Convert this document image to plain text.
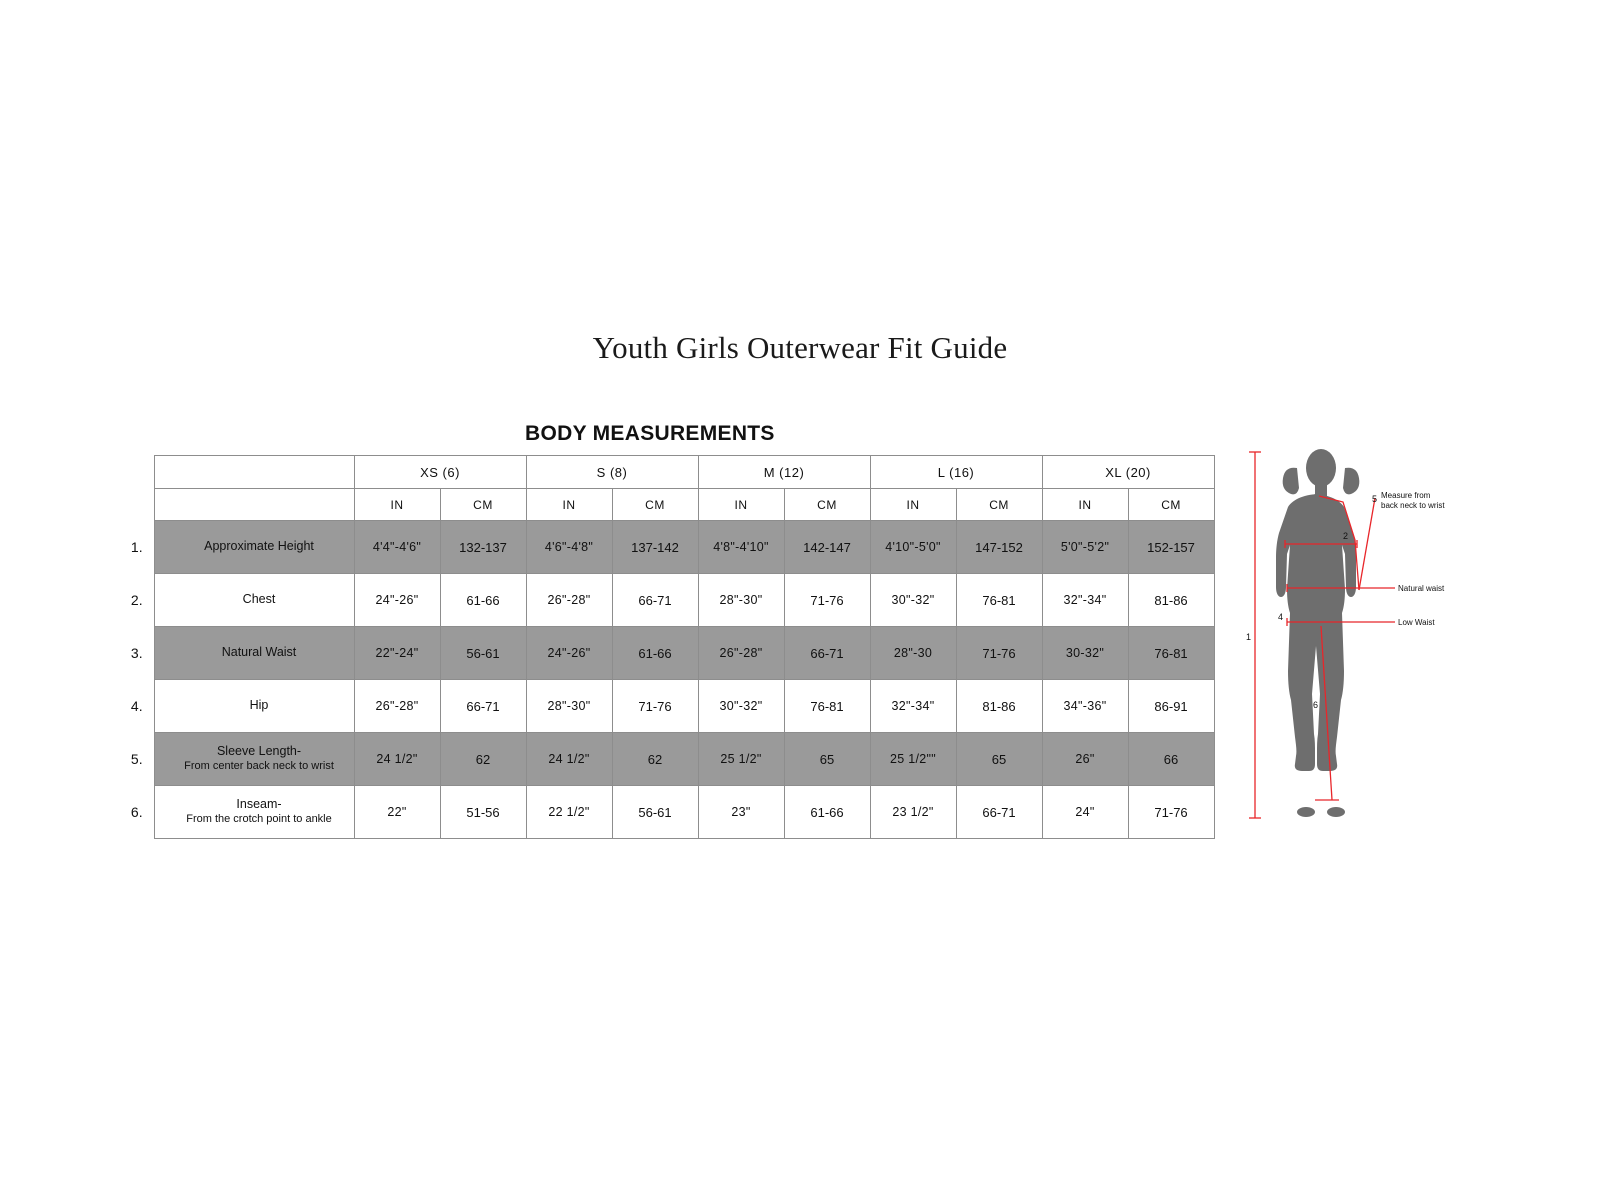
Youth Girls Outerwear Fit Guide
BODY MEASUREMENTS
		XS (6)		S (8)		M (12)		L (16)		XL (20)	
		IN	CM	IN	CM	IN	CM	IN	CM	IN	CM
1.	Approximate Height	4'4"-4'6"	132-137	4'6"-4'8"	137-142	4'8"-4'10"	142-147	4'10"-5'0"	147-152	5'0"-5'2"	152-157
2.	Chest	24"-26"	61-66	26"-28"	66-71	28"-30"	71-76	30"-32"	76-81	32"-34"	81-86
3.	Natural Waist	22"-24"	56-61	24"-26"	61-66	26"-28"	66-71	28"-30	71-76	30-32"	76-81
4.	Hip	26"-28"	66-71	28"-30"	71-76	30"-32"	76-81	32"-34"	81-86	34"-36"	86-91
5.	Sleeve Length-
From center back neck to wrist	24 1/2"	62	24 1/2"	62	25 1/2"	65	25 1/2""	65	26"	66
6.	Inseam-
From the crotch point to ankle	22"	51-56	22 1/2"	56-61	23"	61-66	23 1/2"	66-71	24"	71-76
1
2
Natural waist
4
Low Waist
5 Measure from
back neck to wrist
6
